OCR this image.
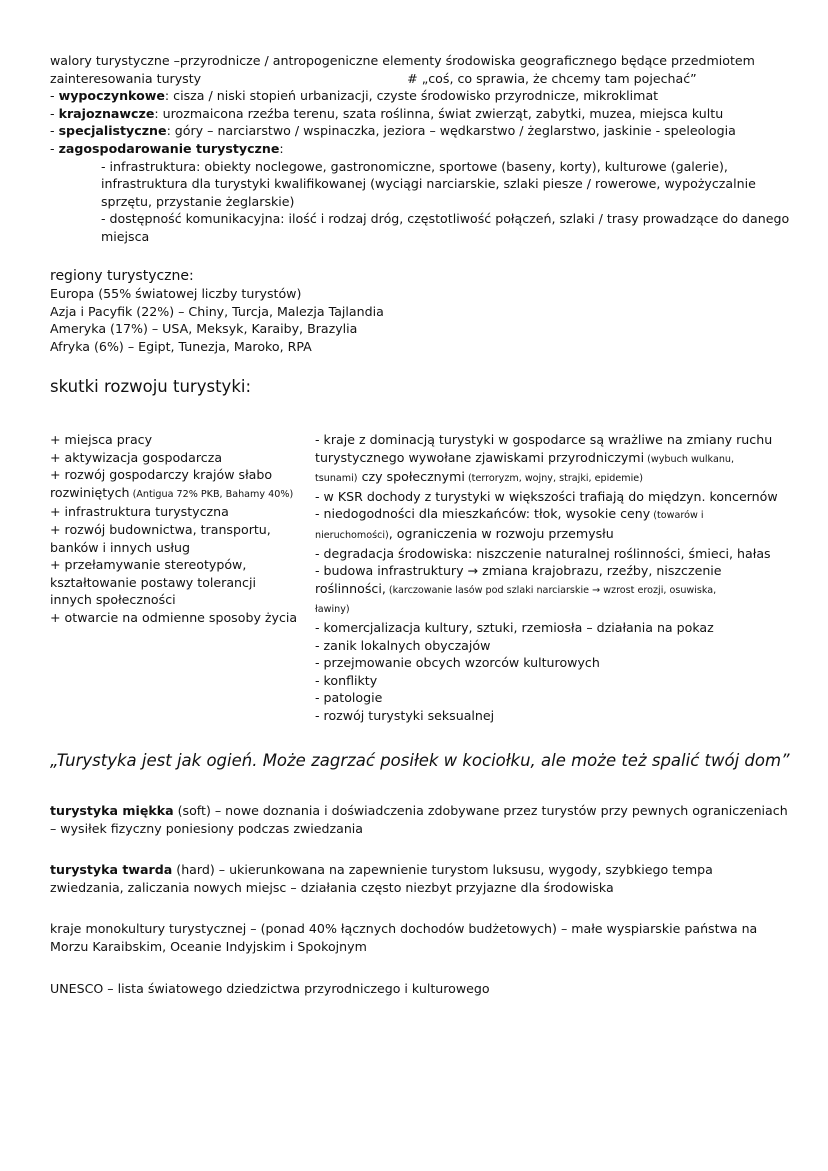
walory turystyczne –przyrodnicze / antropogeniczne elementy środowiska geograficznego będące przedmiotem
zainteresowania turysty	# „coś, co sprawia, że chcemy tam pojechać”
- wypoczynkowe: cisza / niski stopień urbanizacji, czyste środowisko przyrodnicze, mikroklimat
- krajoznawcze: urozmaicona rzeźba terenu, szata roślinna, świat zwierząt, zabytki, muzea, miejsca kultu
- specjalistyczne: góry – narciarstwo / wspinaczka, jeziora – wędkarstwo / żeglarstwo, jaskinie - speleologia
- zagospodarowanie turystyczne:
- infrastruktura: obiekty noclegowe, gastronomiczne, sportowe (baseny, korty), kulturowe (galerie),
infrastruktura dla turystyki kwalifikowanej (wyciągi narciarskie, szlaki piesze / rowerowe, wypożyczalnie
sprzętu, przystanie żeglarskie)
- dostępność komunikacyjna: ilość i rodzaj dróg, częstotliwość połączeń, szlaki / trasy prowadzące do danego
miejsca
regiony turystyczne:
Europa (55% światowej liczby turystów)
Azja i Pacyfik (22%) – Chiny, Turcja, Malezja Tajlandia
Ameryka (17%) – USA, Meksyk, Karaiby, Brazylia
Afryka (6%) – Egipt, Tunezja, Maroko, RPA
skutki rozwoju turystyki:
+ miejsca pracy
+ aktywizacja gospodarcza
+ rozwój gospodarczy krajów słabo
rozwiniętych (Antigua 72% PKB, Bahamy 40%)
+ infrastruktura turystyczna
+ rozwój budownictwa, transportu,
banków i innych usług
+ przełamywanie stereotypów,
kształtowanie postawy tolerancji
innych społeczności
+ otwarcie na odmienne sposoby życia
- kraje z dominacją turystyki w gospodarce są wrażliwe na zmiany ruchu
turystycznego wywołane zjawiskami przyrodniczymi (wybuch wulkanu,
tsunami) czy społecznymi (terroryzm, wojny, strajki, epidemie)
- w KSR dochody z turystyki w większości trafiają do międzyn. koncernów
- niedogodności dla mieszkańców: tłok, wysokie ceny (towarów i
nieruchomości), ograniczenia w rozwoju przemysłu
- degradacja środowiska: niszczenie naturalnej roślinności, śmieci, hałas
- budowa infrastruktury → zmiana krajobrazu, rzeźby, niszczenie
roślinności, (karczowanie lasów pod szlaki narciarskie → wzrost erozji, osuwiska,
ławiny)
- komercjalizacja kultury, sztuki, rzemiosła – działania na pokaz
- zanik lokalnych obyczajów
- przejmowanie obcych wzorców kulturowych
- konflikty
- patologie
- rozwój turystyki seksualnej
„Turystyka jest jak ogień. Może zagrzać posiłek w kociołku, ale może też spalić twój dom”
turystyka miękka (soft) – nowe doznania i doświadczenia zdobywane przez turystów przy pewnych ograniczeniach – wysiłek fizyczny poniesiony podczas zwiedzania
turystyka twarda (hard) – ukierunkowana na zapewnienie turystom luksusu, wygody, szybkiego tempa zwiedzania, zaliczania nowych miejsc – działania często niezbyt przyjazne dla środowiska
kraje monokultury turystycznej – (ponad 40% łącznych dochodów budżetowych) – małe wyspiarskie państwa na Morzu Karaibskim, Oceanie Indyjskim i Spokojnym
UNESCO – lista światowego dziedzictwa przyrodniczego i kulturowego
